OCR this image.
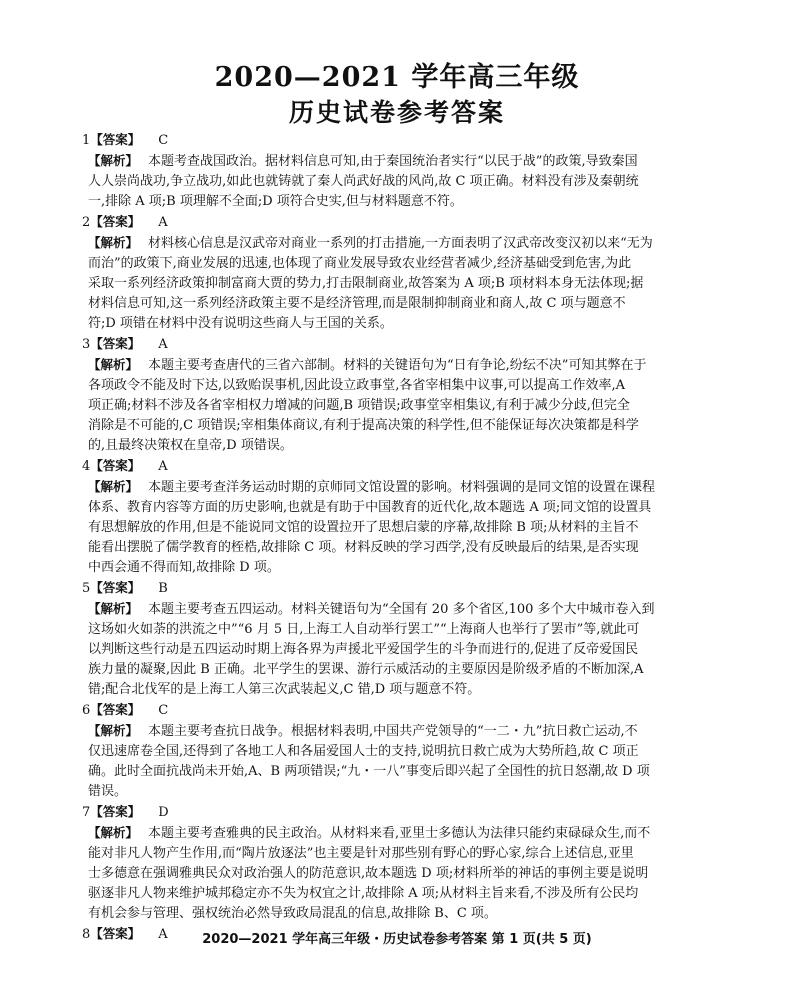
2020—2021 学年高三年级
历史试卷参考答案
1【答案】 C
【解析】 本题考查战国政治。据材料信息可知,由于秦国统治者实行“以民于战”的政策,导致秦国
人人崇尚战功,争立战功,如此也就铸就了秦人尚武好战的风尚,故 C 项正确。材料没有涉及秦朝统
一,排除 A 项;B 项理解不全面;D 项符合史实,但与材料题意不符。
2【答案】 A
【解析】 材料核心信息是汉武帝对商业一系列的打击措施,一方面表明了汉武帝改变汉初以来“无为
而治”的政策下,商业发展的迅速,也体现了商业发展导致农业经营者减少,经济基础受到危害,为此
采取一系列经济政策抑制富商大贾的势力,打击限制商业,故答案为 A 项;B 项材料本身无法体现;据
材料信息可知,这一系列经济政策主要不是经济管理,而是限制抑制商业和商人,故 C 项与题意不
符;D 项错在材料中没有说明这些商人与王国的关系。
3【答案】 A
【解析】 本题主要考查唐代的三省六部制。材料的关键语句为“日有争论,纷纭不决”可知其弊在于
各项政令不能及时下达,以致贻误事机,因此设立政事堂,各省宰相集中议事,可以提高工作效率,A
项正确;材料不涉及各省宰相权力增减的问题,B 项错误;政事堂宰相集议,有利于减少分歧,但完全
消除是不可能的,C 项错误;宰相集体商议,有利于提高决策的科学性,但不能保证每次决策都是科学
的,且最终决策权在皇帝,D 项错误。
4【答案】 A
【解析】 本题主要考查洋务运动时期的京师同文馆设置的影响。材料强调的是同文馆的设置在课程
体系、教育内容等方面的历史影响,也就是有助于中国教育的近代化,故本题选 A 项;同文馆的设置具
有思想解放的作用,但是不能说同文馆的设置拉开了思想启蒙的序幕,故排除 B 项;从材料的主旨不
能看出摆脱了儒学教育的桎梏,故排除 C 项。材料反映的学习西学,没有反映最后的结果,是否实现
中西会通不得而知,故排除 D 项。
5【答案】 B
【解析】 本题主要考查五四运动。材料关键语句为“全国有 20 多个省区,100 多个大中城市卷入到
这场如火如荼的洪流之中”“6 月 5 日,上海工人自动举行罢工”“上海商人也举行了罢市”等,就此可
以判断这些行动是五四运动时期上海各界为声援北平爱国学生的斗争而进行的,促进了反帝爱国民
族力量的凝聚,因此 B 正确。北平学生的罢课、游行示威活动的主要原因是阶级矛盾的不断加深,A
错;配合北伐军的是上海工人第三次武装起义,C 错,D 项与题意不符。
6【答案】 C
【解析】 本题主要考查抗日战争。根据材料表明,中国共产党领导的“一二・九”抗日救亡运动,不
仅迅速席卷全国,还得到了各地工人和各届爱国人士的支持,说明抗日救亡成为大势所趋,故 C 项正
确。此时全面抗战尚未开始,A、B 两项错误;“九・一八”事变后即兴起了全国性的抗日怒潮,故 D 项
错误。
7【答案】 D
【解析】 本题主要考查雅典的民主政治。从材料来看,亚里士多德认为法律只能约束碌碌众生,而不
能对非凡人物产生作用,而“陶片放逐法”也主要是针对那些别有野心的野心家,综合上述信息,亚里
士多德意在强调雅典民众对政治强人的防范意识,故本题选 D 项;材料所举的神话的事例主要是说明
驱逐非凡人物来维护城邦稳定亦不失为权宜之计,故排除 A 项;从材料主旨来看,不涉及所有公民均
有机会参与管理、强权统治必然导致政局混乱的信息,故排除 B、C 项。
8【答案】 A	2020—2021 学年高三年级・历史试卷参考答案 第 1 页(共 5 页)
